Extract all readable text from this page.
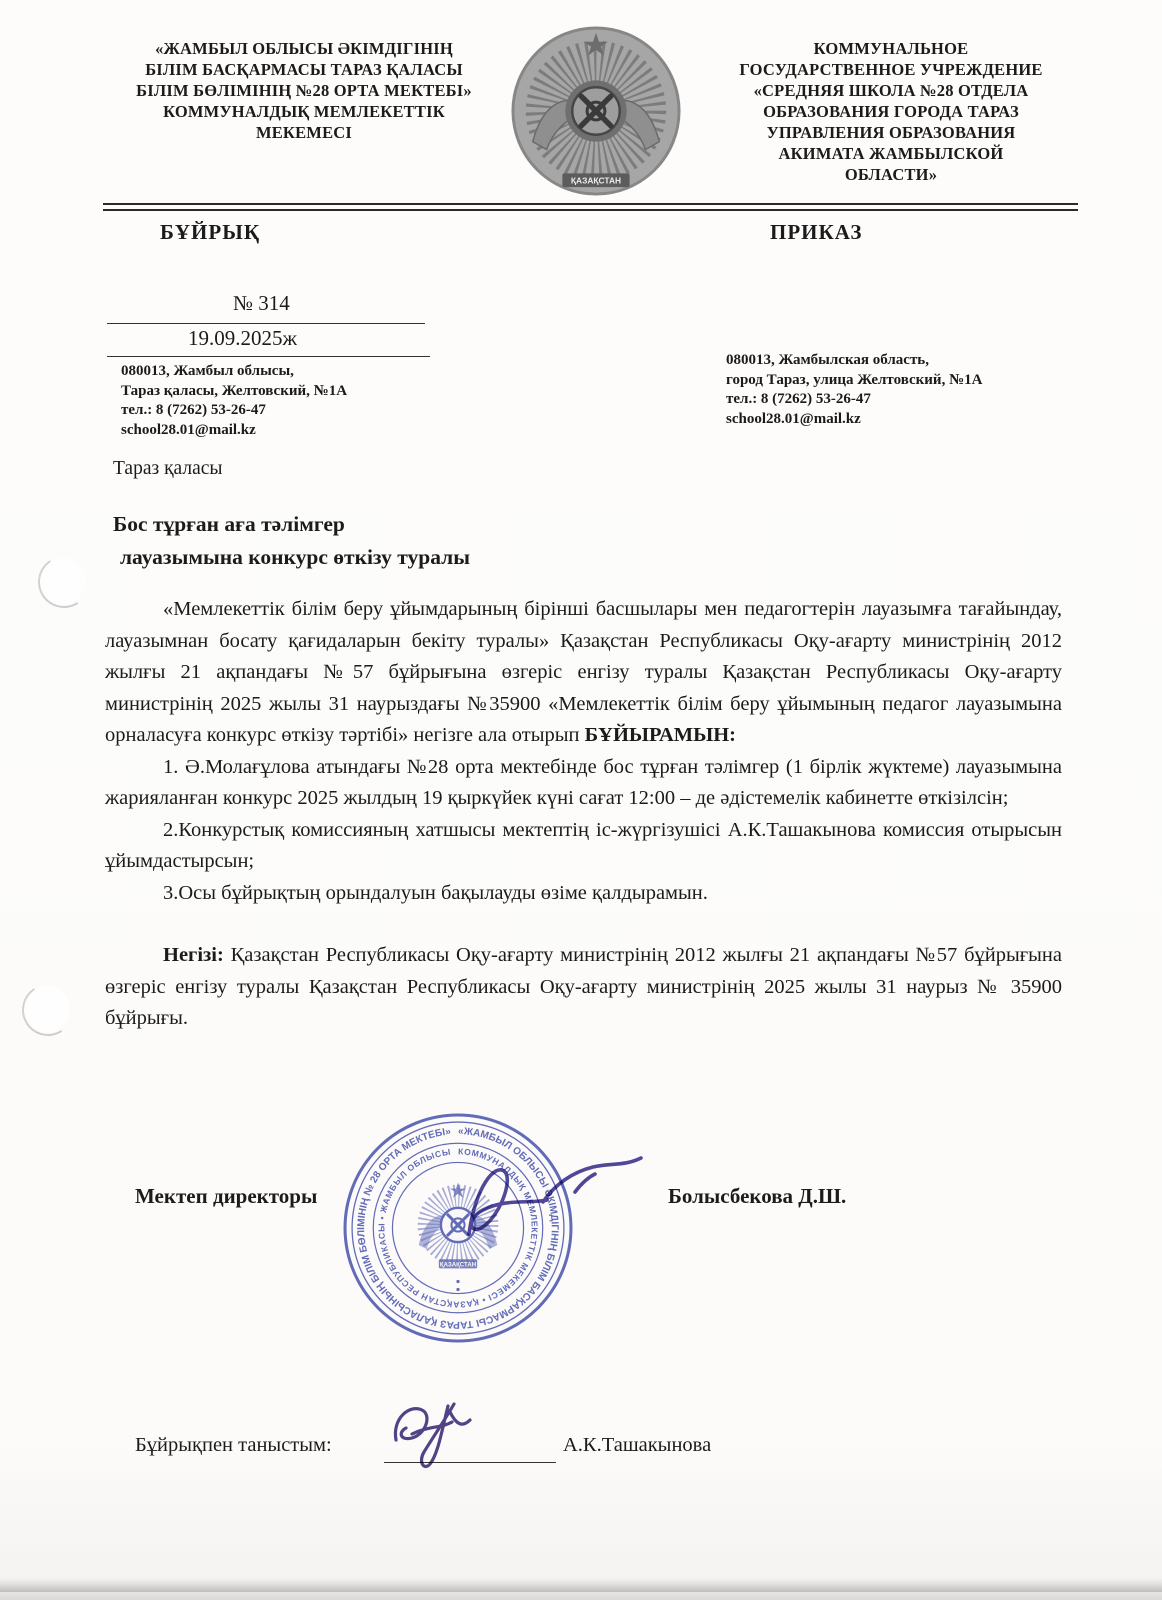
«ЖАМБЫЛ ОБЛЫСЫ ӘКІМДІГІНІҢ
БІЛІМ БАСҚАРМАСЫ ТАРАЗ ҚАЛАСЫ
БІЛІМ БӨЛІМІНІҢ №28 ОРТА МЕКТЕБІ»
КОММУНАЛДЫҚ МЕМЛЕКЕТТІК
МЕКЕМЕСІ
ҚАЗАҚСТАН
КОММУНАЛЬНОЕ
ГОСУДАРСТВЕННОЕ УЧРЕЖДЕНИЕ
«СРЕДНЯЯ ШКОЛА №28 ОТДЕЛА
ОБРАЗОВАНИЯ ГОРОДА ТАРАЗ
УПРАВЛЕНИЯ ОБРАЗОВАНИЯ
АКИМАТА ЖАМБЫЛСКОЙ
ОБЛАСТИ»
БҰЙРЫҚ	ПРИКАЗ
№ 314
19.09.2025ж
080013, Жамбыл облысы,
Тараз қаласы, Желтовский, №1А
тел.: 8 (7262) 53-26-47
school28.01@mail.kz
080013, Жамбылская область,
город Тараз, улица Желтовский, №1А
тел.: 8 (7262) 53-26-47
school28.01@mail.kz
Тараз қаласы
Бос тұрған аға тәлімгер
лауазымына конкурс өткізу туралы

«Мемлекеттік білім беру ұйымдарының бірінші басшылары мен педагогтерін лауазымға тағайындау, лауазымнан босату қағидаларын бекіту туралы» Қазақстан Республикасы Оқу-ағарту министрінің 2012 жылғы 21 ақпандағы №57 бұйрығына өзгеріс енгізу туралы Қазақстан Республикасы Оқу-ағарту министрінің 2025 жылы 31 наурыздағы №35900 «Мемлекеттік білім беру ұйымының педагог лауазымына орналасуға конкурс өткізу тәртібі» негізге ала отырып БҰЙЫРАМЫН:

1. Ә.Молағұлова атындағы №28 орта мектебінде бос тұрған тәлімгер (1 бірлік жүктеме) лауазымына жарияланған конкурс 2025 жылдың 19 қыркүйек күні сағат 12:00 – де әдістемелік кабинетте өткізілсін;

2.Конкурстық комиссияның хатшысы мектептің іс-жүргізушісі А.К.Ташакынова комиссия отырысын ұйымдастырсын;

3.Осы бұйрықтың орындалуын бақылауды өзіме қалдырамын.

Негізі: Қазақстан Республикасы Оқу-ағарту министрінің 2012 жылғы 21 ақпандағы №57 бұйрығына өзгеріс енгізу туралы Қазақстан Республикасы Оқу-ағарту министрінің 2025 жылы 31 наурыз № 35900 бұйрығы.

«ЖАМБЫЛ ОБЛЫСЫ ӘКІМДІГІНІҢ БІЛІМ БАСҚАРМАСЫ ТАРАЗ ҚАЛАСЫНЫҢ БІЛІМ БӨЛІМІНІҢ № 28 ОРТА МЕКТЕБІ»
КОММУНАЛДЫҚ МЕМЛЕКЕТТІК МЕКЕМЕСІ • ҚАЗАҚСТАН РЕСПУБЛИКАСЫ • ЖАМБЫЛ ОБЛЫСЫ
ҚАЗАҚСТАН
Мектеп директоры	Болысбекова Д.Ш.
Бұйрықпен таныстым:	А.К.Ташакынова
